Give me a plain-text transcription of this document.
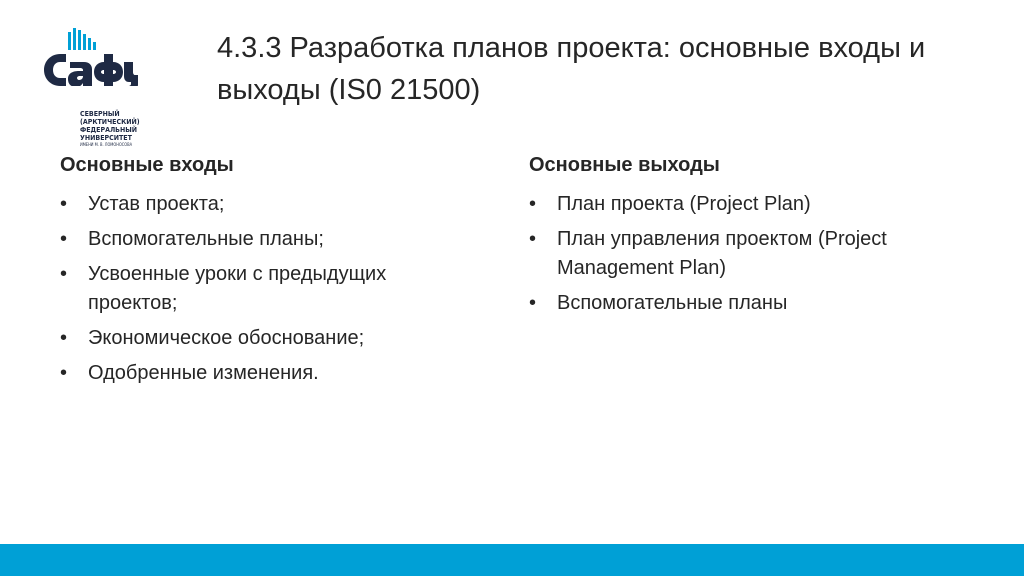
СЕВЕРНЫЙ
(АРКТИЧЕСКИЙ)
ФЕДЕРАЛЬНЫЙ
УНИВЕРСИТЕТ
ИМЕНИ М. В. ЛОМОНОСОВА
4.3.3 Разработка планов проекта: основные входы и выходы (IS0 21500)
Основные входы
•	Устав проекта;
•	Вспомогательные планы;
•	Усвоенные уроки с предыдущих проектов;
•	Экономическое обоснование;
•	Одобренные изменения.
Основные выходы
•	План проекта (Project Plan)
•	План управления проектом (Project Management Plan)
•	Вспомогательные планы
